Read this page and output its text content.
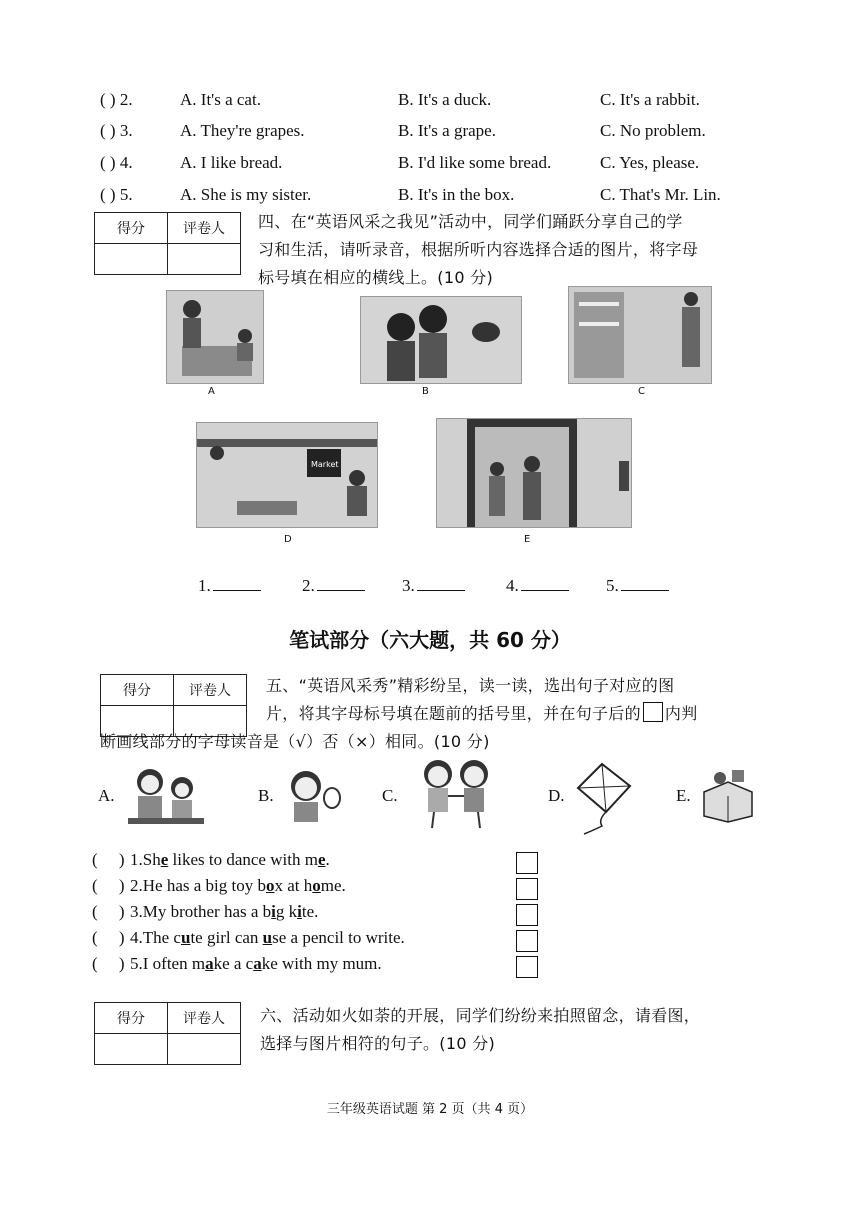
( ) 2.	A. It's a cat.	B. It's a duck.	C. It's a rabbit.
( ) 3.	A. They're grapes.	B. It's a grape.	C. No problem.
( ) 4.	A. I like bread.	B. I'd like some bread.	C. Yes, please.
( ) 5.	A. She is my sister.	B. It's in the box.	C. That's Mr. Lin.
得分	评卷人
	四、在“英语风采之我见”活动中，同学们踊跃分享自己的学
习和生活，请听录音，根据所听内容选择合适的图片，将字母
标号填在相应的横线上。(10 分)
A	B	C
Market
D	E
1.	2.	3.	4.	5.
笔试部分（六大题，共 60 分）
得分	评卷人
	五、“英语风采秀”精彩纷呈，读一读，选出句子对应的图
片，将其字母标号填在题前的括号里，并在句子后的 内判
断画线部分的字母读音是（√）否（×）相同。(10 分)
A.	B.	C.	D.	E.
( ) 1.She likes to dance with me.
( ) 2.He has a big toy box at home.
( ) 3.My brother has a big kite.
( ) 4.The cute girl can use a pencil to write.
( ) 5.I often make a cake with my mum.
得分	评卷人
	六、活动如火如荼的开展，同学们纷纷来拍照留念，请看图，
选择与图片相符的句子。(10 分)
三年级英语试题 第 2 页（共 4 页）
